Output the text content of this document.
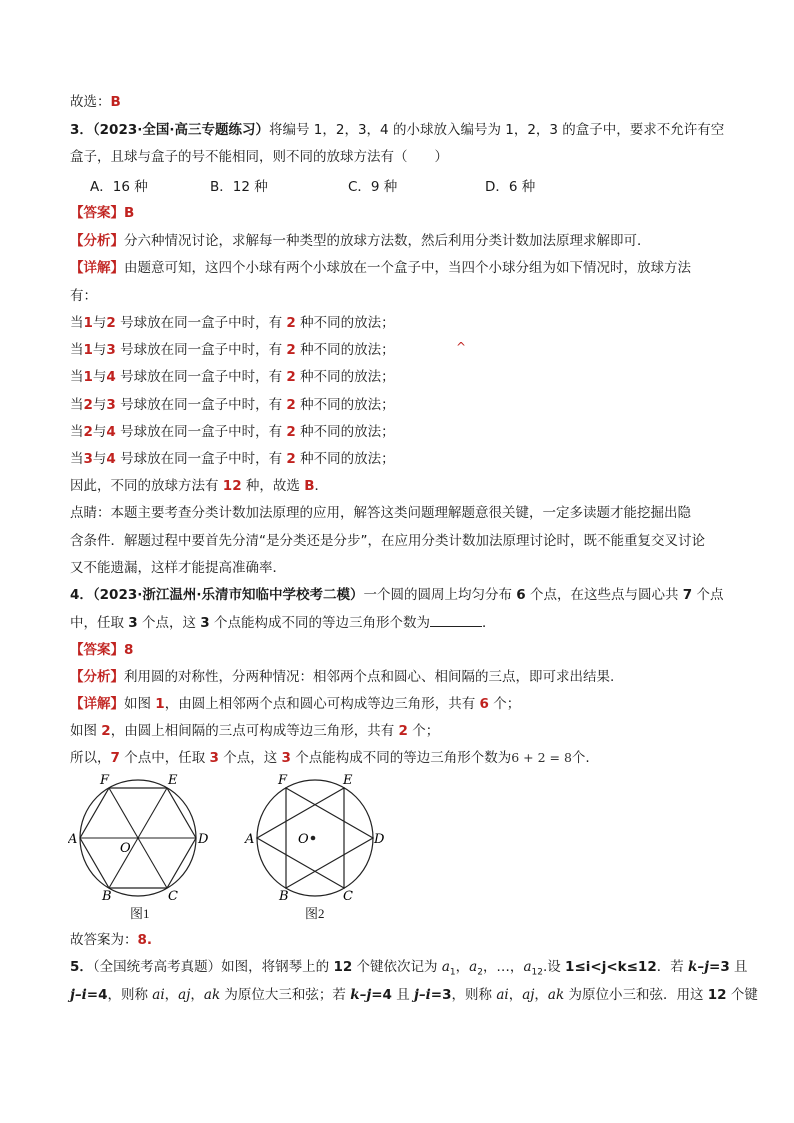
故选：B
3．（2023·全国·高三专题练习）将编号 1，2，3，4 的小球放入编号为 1，2，3 的盒子中，要求不允许有空
盒子，且球与盒子的号不能相同，则不同的放球方法有（　　）
A．16 种	B．12 种	C．9 种	D．6 种
【答案】B
【分析】分六种情况讨论，求解每一种类型的放球方法数，然后利用分类计数加法原理求解即可．
【详解】由题意可知，这四个小球有两个小球放在一个盒子中，当四个小球分组为如下情况时，放球方法
有：
当1与2 号球放在同一盒子中时，有 2 种不同的放法；
当1与3 号球放在同一盒子中时，有 2 种不同的放法；	^
当1与4 号球放在同一盒子中时，有 2 种不同的放法；
当2与3 号球放在同一盒子中时，有 2 种不同的放法；
当2与4 号球放在同一盒子中时，有 2 种不同的放法；
当3与4 号球放在同一盒子中时，有 2 种不同的放法；
因此，不同的放球方法有 12 种，故选 B．
点睛：本题主要考查分类计数加法原理的应用，解答这类问题理解题意很关键，一定多读题才能挖掘出隐
含条件．解题过程中要首先分清“是分类还是分步”，在应用分类计数加法原理讨论时，既不能重复交叉讨论
又不能遗漏，这样才能提高准确率．
4．（2023·浙江温州·乐清市知临中学校考二模）一个圆的圆周上均匀分布 6 个点，在这些点与圆心共 7 个点
中，任取 3 个点，这 3 个点能构成不同的等边三角形个数为	．
【答案】8
【分析】利用圆的对称性，分两种情况：相邻两个点和圆心、相间隔的三点，即可求出结果.
【详解】如图 1，由圆上相邻两个点和圆心可构成等边三角形，共有 6 个；
如图 2，由圆上相间隔的三点可构成等边三角形，共有 2 个；
所以，7 个点中，任取 3 个点，这 3 个点能构成不同的等边三角形个数为6 + 2 = 8个.
F	E
A	D
O
B	C
图1
F	E
A	D
O
B	C
图2
故答案为：8.
5．（全国统考高考真题）如图，将钢琴上的 12 个键依次记为 $a_1$，$a_2$，…，$a_{12}$.设 1≤i<j<k≤12．若 k–j=3 且
j–i=4，则称 ai，aj，ak 为原位大三和弦；若 k–j=4 且 j–i=3，则称 ai，aj，ak 为原位小三和弦．用这 12 个键
